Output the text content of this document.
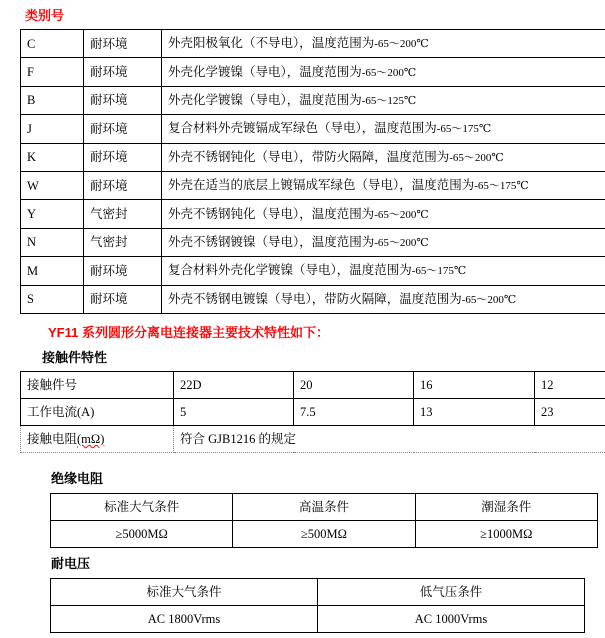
类别号
C	耐环境	外壳阳极氧化（不导电），温度范围为-65～200℃
F	耐环境	外壳化学镀镍（导电），温度范围为-65～200℃
B	耐环境	外壳化学镀镍（导电），温度范围为-65～125℃
J	耐环境	复合材料外壳镀镉成军绿色（导电），温度范围为-65～175℃
K	耐环境	外壳不锈钢钝化（导电），带防火隔障，温度范围为-65～200℃
W	耐环境	外壳在适当的底层上镀镉成军绿色（导电），温度范围为-65～175℃
Y	气密封	外壳不锈钢钝化（导电），温度范围为-65～200℃
N	气密封	外壳不锈钢镀镍（导电），温度范围为-65～200℃
M	耐环境	复合材料外壳化学镀镍（导电），温度范围为-65～175℃
S	耐环境	外壳不锈钢电镀镍（导电），带防火隔障，温度范围为-65～200℃
YF11 系列圆形分离电连接器主要技术特性如下：
接触件特性
接触件号	22D	20	16	12
工作电流(A)	5	7.5	13	23
接触电阻(mΩ)	符合 GJB1216 的规定			
绝缘电阻
标准大气条件	高温条件	潮湿条件
≥5000MΩ	≥500MΩ	≥1000MΩ
耐电压
标准大气条件	低气压条件
AC 1800Vrms	AC 1000Vrms
